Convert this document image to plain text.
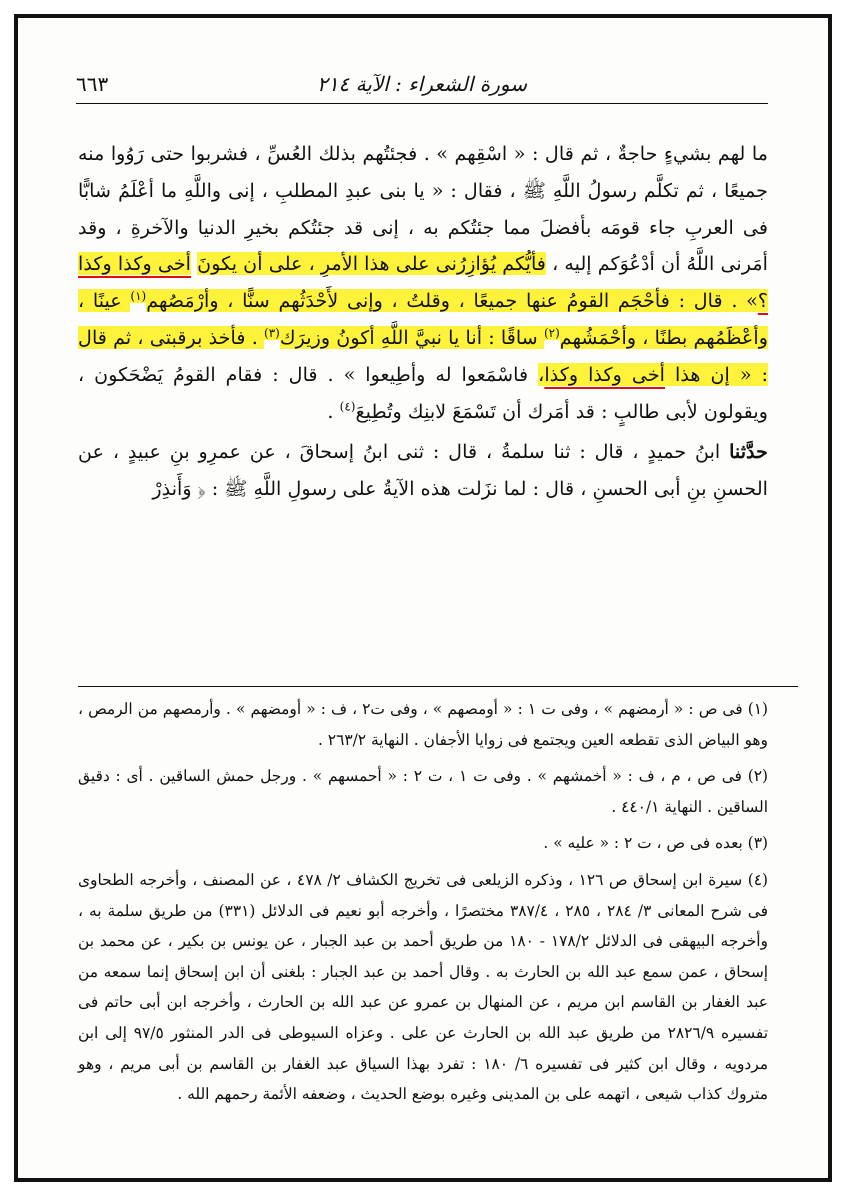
سورة الشعراء : الآية ٢١٤
٦٦٣

ما لهم بشيءٍ حاجةٌ ، ثم قال : « اسْقِهم » . فجئتُهم بذلك العُسِّ ، فشربوا حتى رَوُوا منه جميعًا ، ثم تكلَّم رسولُ اللَّهِ ﷺ ، فقال : « يا بنى عبدِ المطلبِ ، إنى واللَّهِ ما أعْلَمُ شابًّا فى العربِ جاء قومَه بأفضلَ مما جئتُكم به ، إنى قد جئتُكم بخيرِ الدنيا والآخرةِ ، وقد أمَرنى اللَّهُ أن أدْعُوَكم إليه ، فأيُّكم يُؤازِرُنى على هذا الأمرِ ، على أن يكونَ أخى وكذا وكذا ؟» . قال : فأحْجَم القومُ عنها جميعًا ، وقلتُ ، وإنى لأَحْدَثُهم سنًّا ، وأرْمَصُهم$^{(١)}$ عينًا ، وأعْظَمُهم بطنًا ، وأحْمَشُهم$^{(٢)}$ ساقًا : أنا يا نبيَّ اللَّهِ أكونُ وزيرَك$^{(٣)}$ . فأخذ برقبتى ، ثم قال : « إن هذا أخى وكذا وكذا، فاسْمَعوا له وأطِيعوا » . قال : فقام القومُ يَضْحَكون ، ويقولون لأبى طالبٍ : قد أمَرك أن تَسْمَعَ لابنِك وتُطِيعَ$^{(٤)}$ .

حدَّثنا ابنُ حميدٍ ، قال : ثنا سلمةُ ، قال : ثنى ابنُ إسحاقَ ، عن عمرِو بنِ عبيدٍ ، عن الحسنِ بنِ أبى الحسنِ ، قال : لما نزَلت هذه الآيةُ على رسولِ اللَّهِ ﷺ : ﴿ وَأَنذِرْ

(١) فى ص : « أرمضهم » ، وفى ت ١ : « أومصهم » ، وفى ت٢ ، ف : « أومضهم » . وأرمصهم من الرمص ، وهو البياض الذى تقطعه العين ويجتمع فى زوايا الأجفان . النهاية ٢٦٣/٢ .

(٢) فى ص ، م ، ف : « أخمشهم » . وفى ت ١ ، ت ٢ : « أحمسهم » . ورجل حمش الساقين . أى : دقيق الساقين . النهاية ٤٤٠/١ .

(٣) بعده فى ص ، ت ٢ : « عليه » .

(٤) سيرة ابن إسحاق ص ١٢٦ ، وذكره الزيلعى فى تخريج الكشاف ٢/ ٤٧٨ ، عن المصنف ، وأخرجه الطحاوى فى شرح المعانى ٣/ ٢٨٤ ، ٢٨٥ ، ٣٨٧/٤ مختصرًا ، وأخرجه أبو نعيم فى الدلائل (٣٣١) من طريق سلمة به ، وأخرجه البيهقى فى الدلائل ١٧٨/٢ - ١٨٠ من طريق أحمد بن عبد الجبار ، عن يونس بن بكير ، عن محمد بن إسحاق ، عمن سمع عبد الله بن الحارث به . وقال أحمد بن عبد الجبار : بلغنى أن ابن إسحاق إنما سمعه من عبد الغفار بن القاسم ابن مريم ، عن المنهال بن عمرو عن عبد الله بن الحارث ، وأخرجه ابن أبى حاتم فى تفسيره ٢٨٢٦/٩ من طريق عبد الله بن الحارث عن على . وعزاه السيوطى فى الدر المنثور ٩٧/٥ إلى ابن مردويه ، وقال ابن كثير فى تفسيره ٦/ ١٨٠ : تفرد بهذا السياق عبد الغفار بن القاسم بن أبى مريم ، وهو متروك كذاب شيعى ، اتهمه على بن المدينى وغيره بوضع الحديث ، وضعفه الأئمة رحمهم الله .
